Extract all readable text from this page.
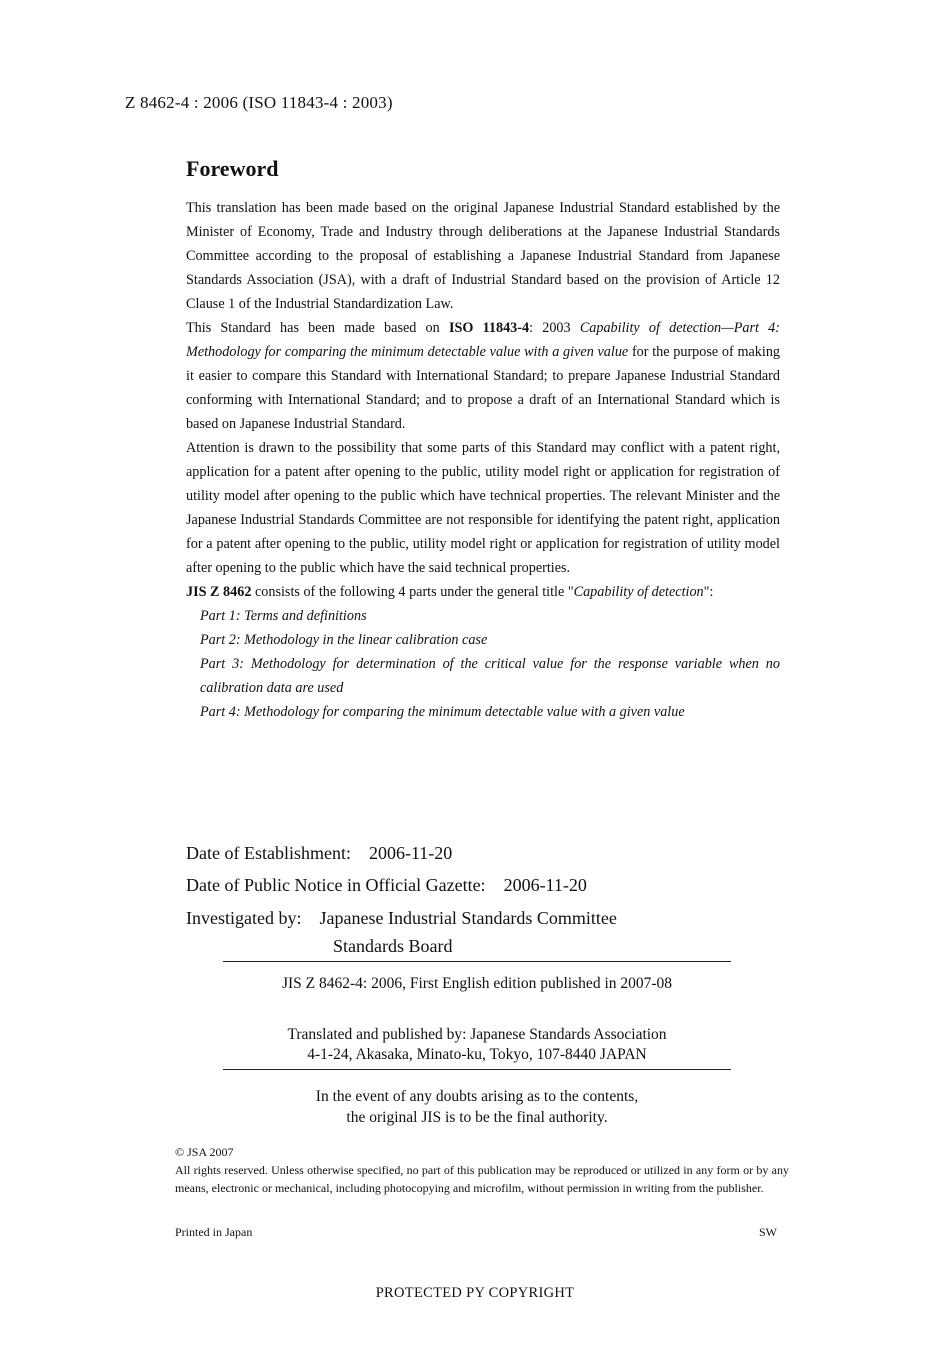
Z 8462-4 : 2006 (ISO 11843-4 : 2003)
Foreword

This translation has been made based on the original Japanese Industrial Standard established by the Minister of Economy, Trade and Industry through deliberations at the Japanese Industrial Standards Committee according to the proposal of establishing a Japanese Industrial Standard from Japanese Standards Association (JSA), with a draft of Industrial Standard based on the provision of Article 12 Clause 1 of the Industrial Standardization Law.

This Standard has been made based on ISO 11843-4: 2003 Capability of detection—Part 4: Methodology for comparing the minimum detectable value with a given value for the purpose of making it easier to compare this Standard with International Standard; to prepare Japanese Industrial Standard conforming with International Standard; and to propose a draft of an International Standard which is based on Japanese Industrial Standard.

Attention is drawn to the possibility that some parts of this Standard may conflict with a patent right, application for a patent after opening to the public, utility model right or application for registration of utility model after opening to the public which have technical properties. The relevant Minister and the Japanese Industrial Standards Committee are not responsible for identifying the patent right, application for a patent after opening to the public, utility model right or application for registration of utility model after opening to the public which have the said technical properties.

JIS Z 8462 consists of the following 4 parts under the general title "Capability of detection":

Part 1: Terms and definitions
Part 2: Methodology in the linear calibration case
Part 3: Methodology for determination of the critical value for the response variable when no calibration data are used
Part 4: Methodology for comparing the minimum detectable value with a given value
Date of Establishment: 2006-11-20
Date of Public Notice in Official Gazette: 2006-11-20
Investigated by: Japanese Industrial Standards Committee
Standards Board
JIS Z 8462-4: 2006, First English edition published in 2007-08
Translated and published by: Japanese Standards Association
4-1-24, Akasaka, Minato-ku, Tokyo, 107-8440 JAPAN
In the event of any doubts arising as to the contents,
the original JIS is to be the final authority.
© JSA 2007
All rights reserved. Unless otherwise specified, no part of this publication may be reproduced or utilized in any form or by any means, electronic or mechanical, including photocopying and microfilm, without permission in writing from the publisher.
Printed in Japan	SW
PROTECTED PY COPYRIGHT
